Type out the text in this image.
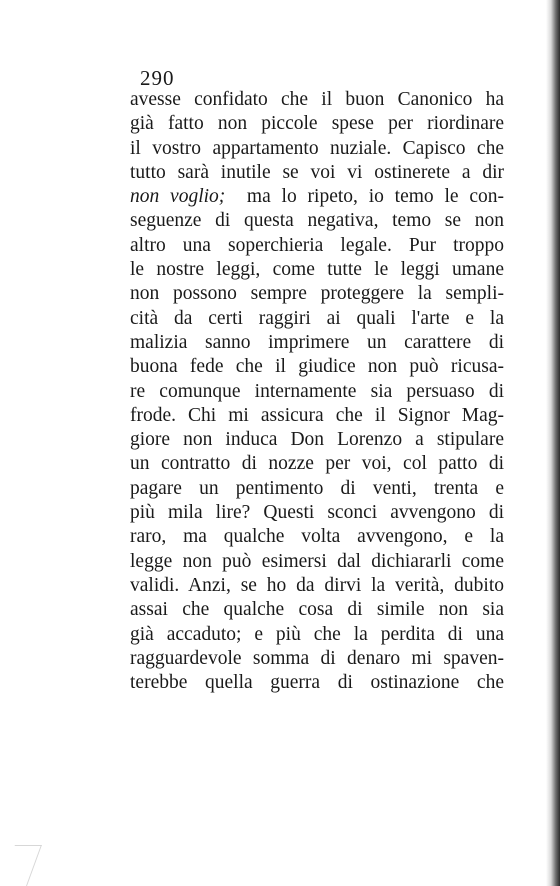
290
avesse confidato che il buon Canonico ha
già fatto non piccole spese per riordinare
il vostro appartamento nuziale. Capisco che
tutto sarà inutile se voi vi ostinerete a dir
non voglio; ma lo ripeto, io temo le con-
seguenze di questa negativa, temo se non
altro una soperchieria legale. Pur troppo
le nostre leggi, come tutte le leggi umane
non possono sempre proteggere la sempli-
cità da certi raggiri ai quali l'arte e la
malizia sanno imprimere un carattere di
buona fede che il giudice non può ricusa-
re comunque internamente sia persuaso di
frode. Chi mi assicura che il Signor Mag-
giore non induca Don Lorenzo a stipulare
un contratto di nozze per voi, col patto di
pagare un pentimento di venti, trenta e
più mila lire? Questi sconci avvengono di
raro, ma qualche volta avvengono, e la
legge non può esimersi dal dichiararli come
validi. Anzi, se ho da dirvi la verità, dubito
assai che qualche cosa di simile non sia
già accaduto; e più che la perdita di una
ragguardevole somma di denaro mi spaven-
terebbe quella guerra di ostinazione che
